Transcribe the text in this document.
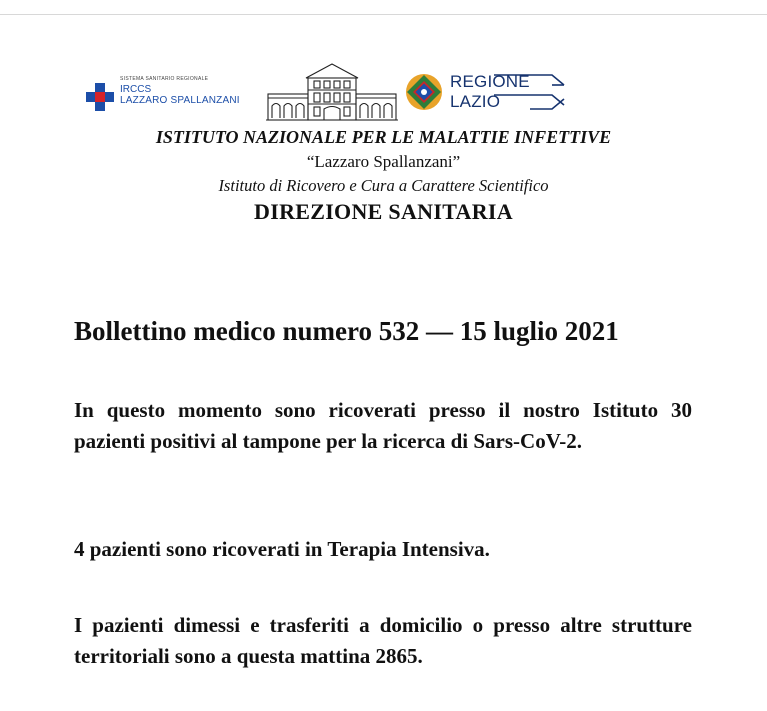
SISTEMA SANITARIO REGIONALE
IRCCS
LAZZARO SPALLANZANI
REGIONE
LAZIO
ISTITUTO NAZIONALE PER LE MALATTIE INFETTIVE
“Lazzaro Spallanzani”
Istituto di Ricovero e Cura a Carattere Scientifico
DIREZIONE SANITARIA
Bollettino medico numero 532 — 15 luglio 2021
In questo momento sono ricoverati presso il nostro Istituto 30 pazienti positivi al tampone per la ricerca di Sars-CoV-2.
4 pazienti sono ricoverati in Terapia Intensiva.
I pazienti dimessi e trasferiti a domicilio o presso altre strutture territoriali sono a questa mattina 2865.
